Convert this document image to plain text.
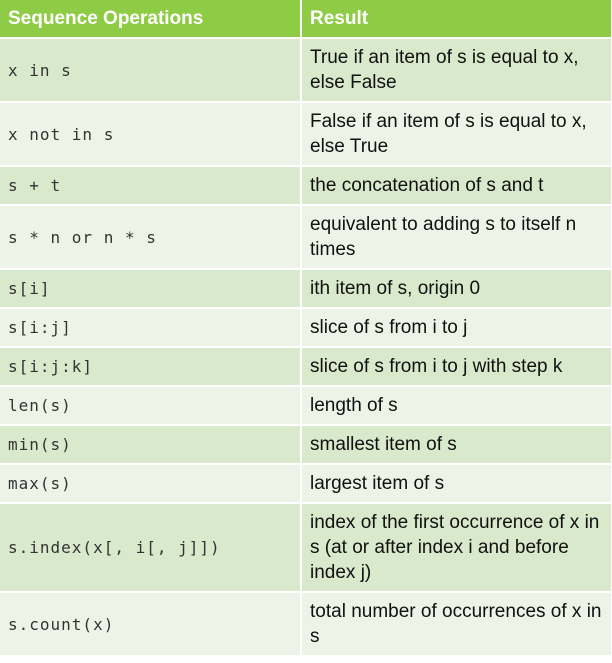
Sequence Operations	Result
x in s	True if an item of s is equal to x, else False
x not in s	False if an item of s is equal to x, else True
s + t	the concatenation of s and t
s * n or n * s	equivalent to adding s to itself n times
s[i]	ith item of s, origin 0
s[i:j]	slice of s from i to j
s[i:j:k]	slice of s from i to j with step k
len(s)	length of s
min(s)	smallest item of s
max(s)	largest item of s
s.index(x[, i[, j]])	index of the first occurrence of x in s (at or after index i and before index j)
s.count(x)	total number of occurrences of x in s
